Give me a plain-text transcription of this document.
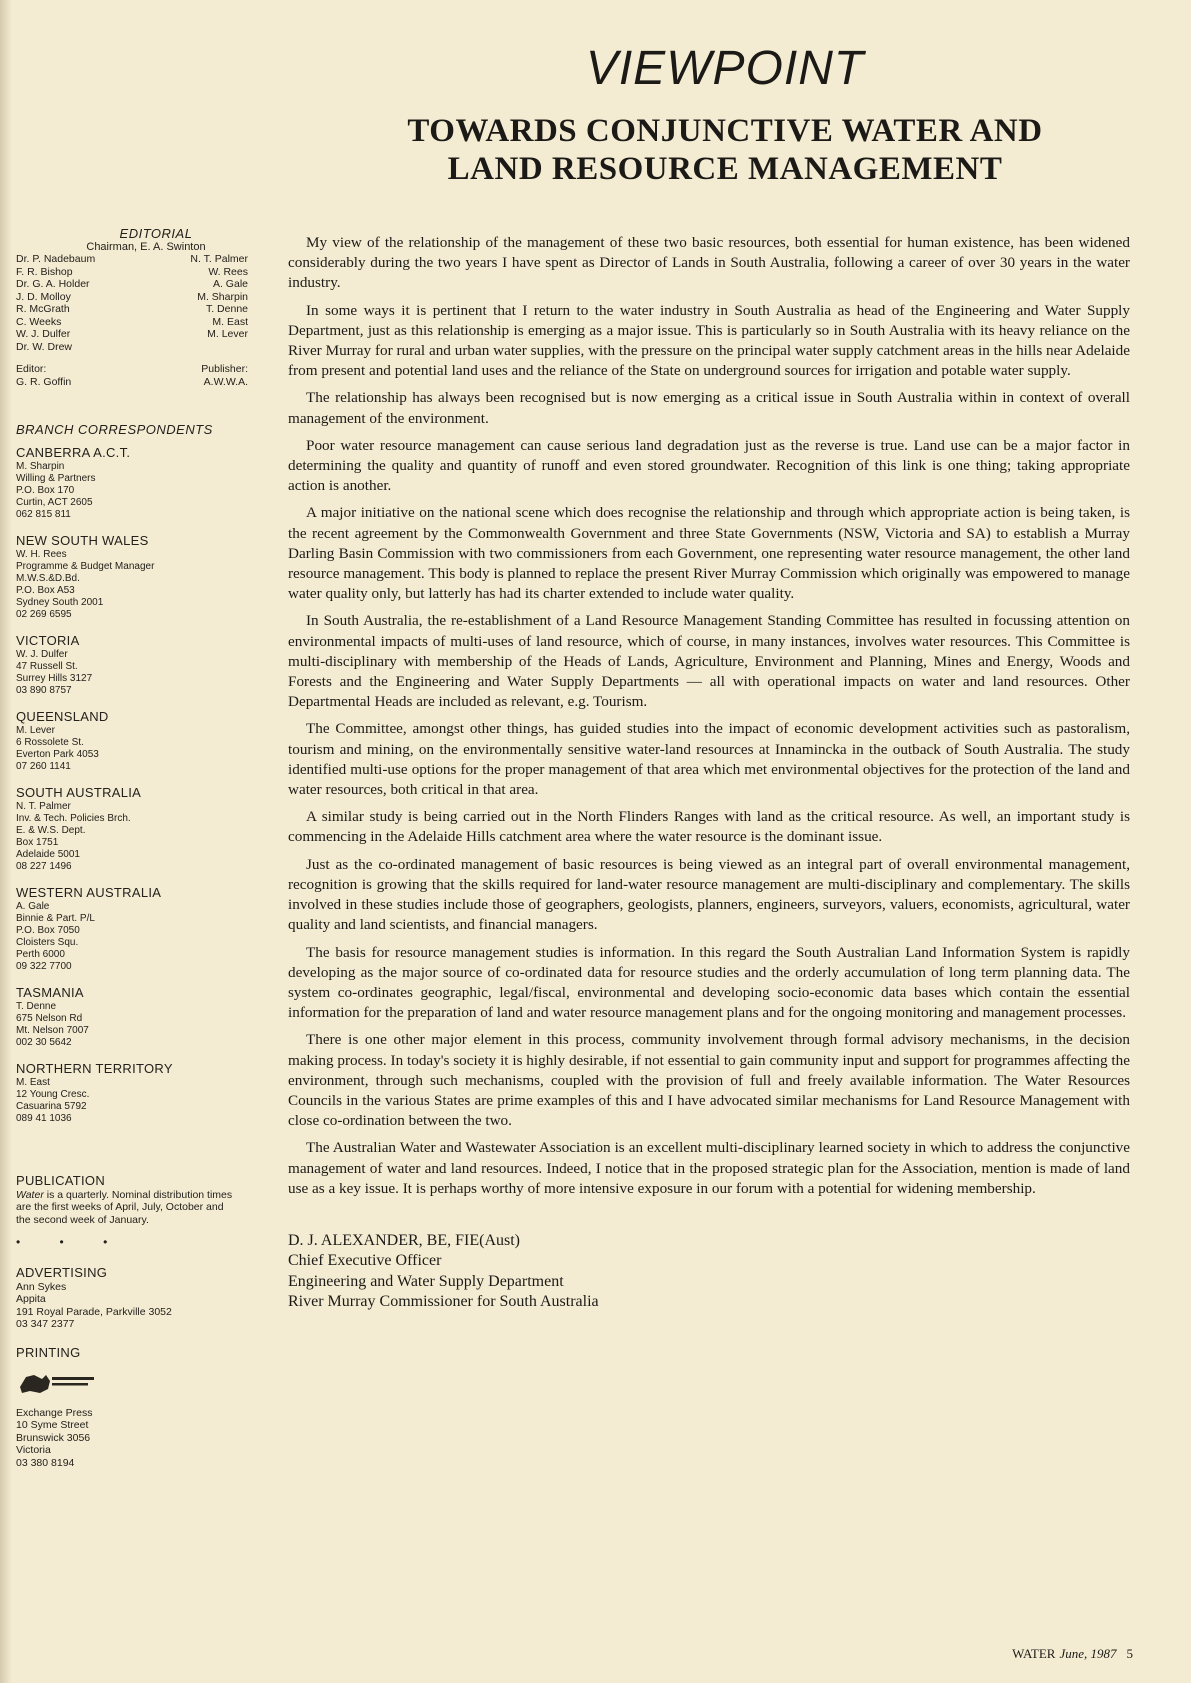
VIEWPOINT
TOWARDS CONJUNCTIVE WATER AND
LAND RESOURCE MANAGEMENT
EDITORIAL
Chairman, E. A. Swinton
Dr. P. Nadebaum
F. R. Bishop
Dr. G. A. Holder
J. D. Molloy
R. McGrath
C. Weeks
W. J. Dulfer
Dr. W. Drew
N. T. Palmer
W. Rees
A. Gale
M. Sharpin
T. Denne
M. East
M. Lever
Editor:
G. R. Goffin
Publisher:
A.W.W.A.
BRANCH CORRESPONDENTS
CANBERRA A.C.T.
M. Sharpin
Willing & Partners
P.O. Box 170
Curtin, ACT 2605
062 815 811
NEW SOUTH WALES
W. H. Rees
Programme & Budget Manager
M.W.S.&D.Bd.
P.O. Box A53
Sydney South 2001
02 269 6595
VICTORIA
W. J. Dulfer
47 Russell St.
Surrey Hills 3127
03 890 8757
QUEENSLAND
M. Lever
6 Rossolete St.
Everton Park 4053
07 260 1141
SOUTH AUSTRALIA
N. T. Palmer
Inv. & Tech. Policies Brch.
E. & W.S. Dept.
Box 1751
Adelaide 5001
08 227 1496
WESTERN AUSTRALIA
A. Gale
Binnie & Part. P/L
P.O. Box 7050
Cloisters Squ.
Perth 6000
09 322 7700
TASMANIA
T. Denne
675 Nelson Rd
Mt. Nelson 7007
002 30 5642
NORTHERN TERRITORY
M. East
12 Young Cresc.
Casuarina 5792
089 41 1036
PUBLICATION
Water is a quarterly. Nominal distribution times are the first weeks of April, July, October and the second week of January.
• • •
ADVERTISING
Ann Sykes
Appita
191 Royal Parade, Parkville 3052
03 347 2377
PRINTING
Exchange Press
10 Syme Street
Brunswick 3056
Victoria
03 380 8194

My view of the relationship of the management of these two basic resources, both essential for human existence, has been widened considerably during the two years I have spent as Director of Lands in South Australia, following a career of over 30 years in the water industry.

In some ways it is pertinent that I return to the water industry in South Australia as head of the Engineering and Water Supply Department, just as this relationship is emerging as a major issue. This is particularly so in South Australia with its heavy reliance on the River Murray for rural and urban water supplies, with the pressure on the principal water supply catchment areas in the hills near Adelaide from present and potential land uses and the reliance of the State on underground sources for irrigation and potable water supply.

The relationship has always been recognised but is now emerging as a critical issue in South Australia within in context of overall management of the environment.

Poor water resource management can cause serious land degradation just as the reverse is true. Land use can be a major factor in determining the quality and quantity of runoff and even stored groundwater. Recognition of this link is one thing; taking appropriate action is another.

A major initiative on the national scene which does recognise the relationship and through which appropriate action is being taken, is the recent agreement by the Commonwealth Government and three State Governments (NSW, Victoria and SA) to establish a Murray Darling Basin Commission with two commissioners from each Government, one representing water resource management, the other land resource management. This body is planned to replace the present River Murray Commission which originally was empowered to manage water quality only, but latterly has had its charter extended to include water quality.

In South Australia, the re-establishment of a Land Resource Management Standing Committee has resulted in focussing attention on environmental impacts of multi-uses of land resource, which of course, in many instances, involves water resources. This Committee is multi-disciplinary with membership of the Heads of Lands, Agriculture, Environment and Planning, Mines and Energy, Woods and Forests and the Engineering and Water Supply Departments — all with operational impacts on water and land resources. Other Departmental Heads are included as relevant, e.g. Tourism.

The Committee, amongst other things, has guided studies into the impact of economic development activities such as pastoralism, tourism and mining, on the environmentally sensitive water-land resources at Innamincka in the outback of South Australia. The study identified multi-use options for the proper management of that area which met environmental objectives for the protection of the land and water resources, both critical in that area.

A similar study is being carried out in the North Flinders Ranges with land as the critical resource. As well, an important study is commencing in the Adelaide Hills catchment area where the water resource is the dominant issue.

Just as the co-ordinated management of basic resources is being viewed as an integral part of overall environmental management, recognition is growing that the skills required for land-water resource management are multi-disciplinary and complementary. The skills involved in these studies include those of geographers, geologists, planners, engineers, surveyors, valuers, economists, agricultural, water quality and land scientists, and financial managers.

The basis for resource management studies is information. In this regard the South Australian Land Information System is rapidly developing as the major source of co-ordinated data for resource studies and the orderly accumulation of long term planning data. The system co-ordinates geographic, legal/fiscal, environmental and developing socio-economic data bases which contain the essential information for the preparation of land and water resource management plans and for the ongoing monitoring and management processes.

There is one other major element in this process, community involvement through formal advisory mechanisms, in the decision making process. In today's society it is highly desirable, if not essential to gain community input and support for programmes affecting the environment, through such mechanisms, coupled with the provision of full and freely available information. The Water Resources Councils in the various States are prime examples of this and I have advocated similar mechanisms for Land Resource Management with close co-ordination between the two.

The Australian Water and Wastewater Association is an excellent multi-disciplinary learned society in which to address the conjunctive management of water and land resources. Indeed, I notice that in the proposed strategic plan for the Association, mention is made of land use as a key issue. It is perhaps worthy of more intensive exposure in our forum with a potential for widening membership.

D. J. ALEXANDER, BE, FIE(Aust)
Chief Executive Officer
Engineering and Water Supply Department
River Murray Commissioner for South Australia
WATER June, 1987 5
